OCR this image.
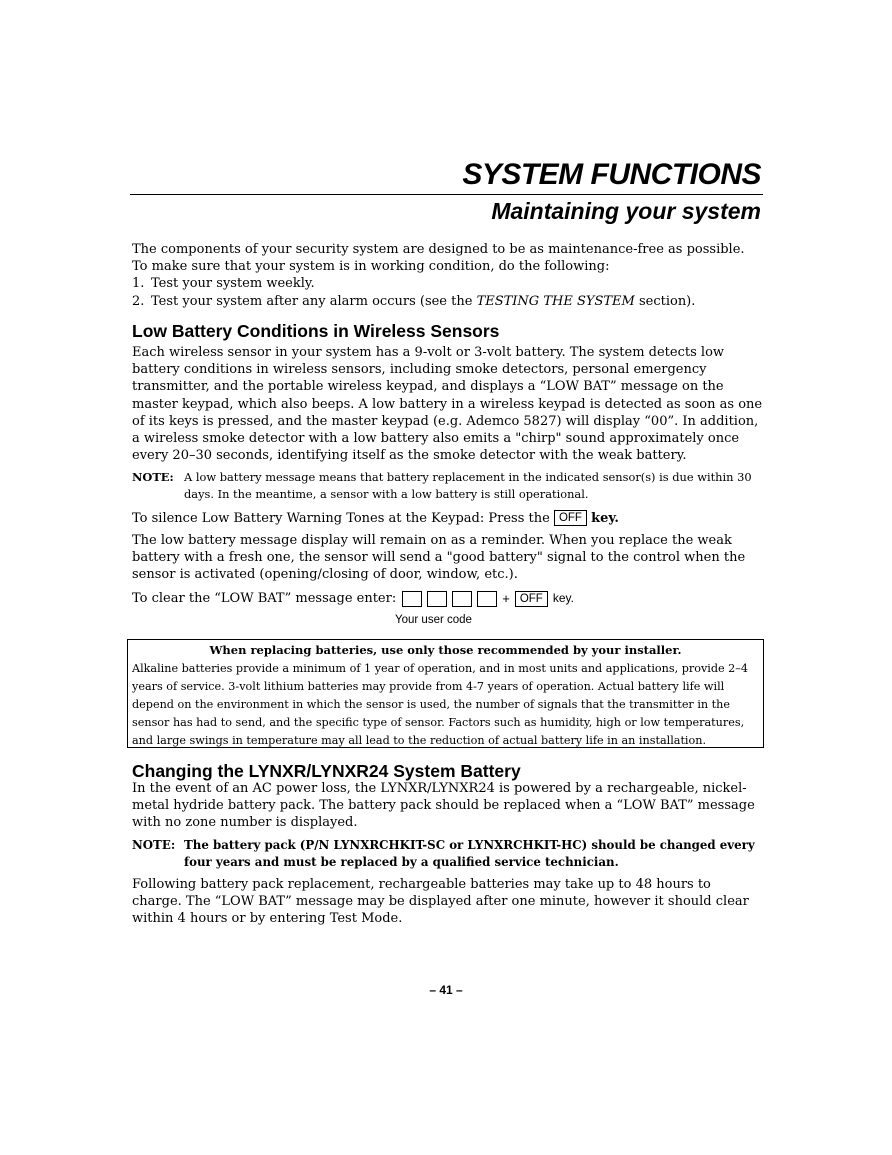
SYSTEM FUNCTIONS
Maintaining your system
The components of your security system are designed to be as maintenance-free as possible. To make sure that your system is in working condition, do the following:
1. Test your system weekly.
2. Test your system after any alarm occurs (see the TESTING THE SYSTEM section).
Low Battery Conditions in Wireless Sensors
Each wireless sensor in your system has a 9-volt or 3-volt battery. The system detects low battery conditions in wireless sensors, including smoke detectors, personal emergency transmitter, and the portable wireless keypad, and displays a “LOW BAT” message on the master keypad, which also beeps. A low battery in a wireless keypad is detected as soon as one of its keys is pressed, and the master keypad (e.g. Ademco 5827) will display “00”. In addition, a wireless smoke detector with a low battery also emits a "chirp" sound approximately once every 20–30 seconds, identifying itself as the smoke detector with the weak battery.
NOTE: A low battery message means that battery replacement in the indicated sensor(s) is due within 30 days. In the meantime, a sensor with a low battery is still operational.
To silence Low Battery Warning Tones at the Keypad: Press the OFF key.
The low battery message display will remain on as a reminder. When you replace the weak battery with a fresh one, the sensor will send a "good battery" signal to the control when the sensor is activated (opening/closing of door, window, etc.).
To clear the “LOW BAT” message enter:	+ OFF key.
Your user code
When replacing batteries, use only those recommended by your installer.
Alkaline batteries provide a minimum of 1 year of operation, and in most units and applications, provide 2–4 years of service. 3-volt lithium batteries may provide from 4-7 years of operation. Actual battery life will depend on the environment in which the sensor is used, the number of signals that the transmitter in the sensor has had to send, and the specific type of sensor. Factors such as humidity, high or low temperatures, and large swings in temperature may all lead to the reduction of actual battery life in an installation.
Changing the LYNXR/LYNXR24 System Battery
In the event of an AC power loss, the LYNXR/LYNXR24 is powered by a rechargeable, nickel-metal hydride battery pack. The battery pack should be replaced when a “LOW BAT” message with no zone number is displayed.
NOTE: The battery pack (P/N LYNXRCHKIT-SC or LYNXRCHKIT-HC) should be changed every four years and must be replaced by a qualified service technician.
Following battery pack replacement, rechargeable batteries may take up to 48 hours to charge. The “LOW BAT” message may be displayed after one minute, however it should clear within 4 hours or by entering Test Mode.
– 41 –
